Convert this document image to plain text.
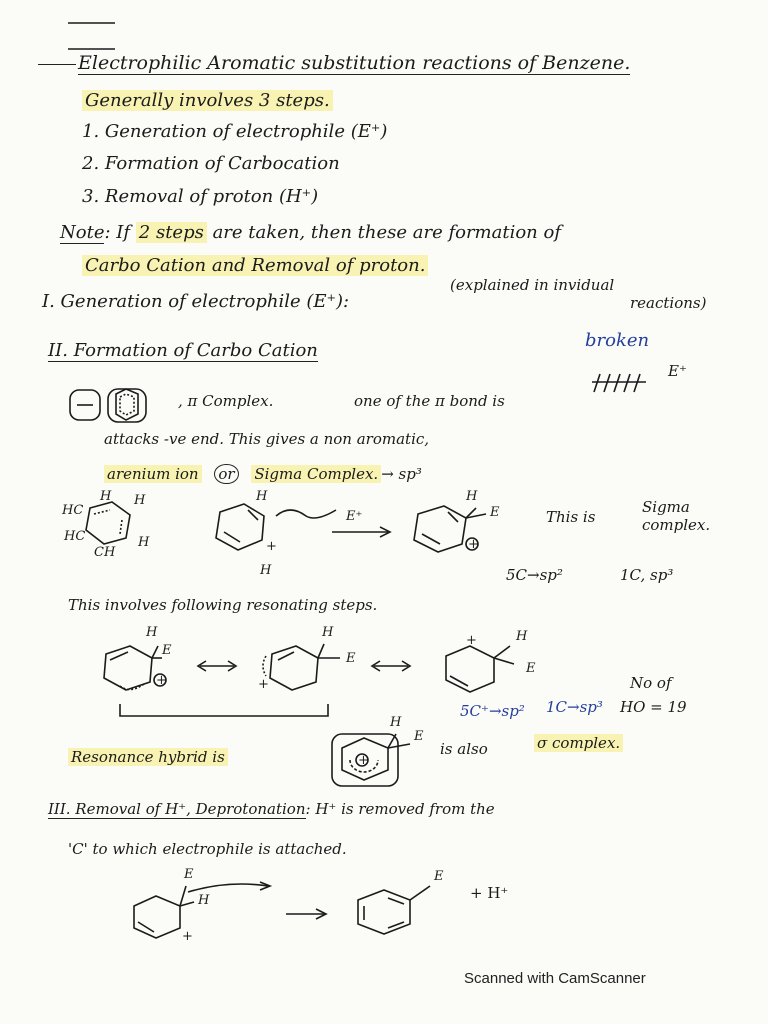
Electrophilic Aromatic substitution reactions of Benzene.
Generally involves 3 steps.
1. Generation of electrophile (E⁺)
2. Formation of Carbocation
3. Removal of proton (H⁺)
Note: If 2 steps are taken, then these are formation of
Carbo Cation and Removal of proton.
I. Generation of electrophile (E⁺):
(explained in invidual
reactions)
II. Formation of Carbo Cation	broken
, π Complex.	one of the π bond is
E⁺
attacks -ve end. This gives a non aromatic,
arenium ion or Sigma Complex. → sp³
HC
H H
HC
CH
H
H
+
H
E⁺
H
E
+
This is
Sigma complex.
5C→sp²	1C, sp³
This involves following resonating steps.
H
E
+
H
E
+
H
E
+
5C⁺→sp² 1C→sp³
No of
HO = 19
Resonance hybrid is	+
H
E
is also	σ complex.
III. Removal of H⁺, Deprotonation: H⁺ is removed from the
'C' to which electrophile is attached.
E
H
+
E
+ H⁺
Scanned with CamScanner
